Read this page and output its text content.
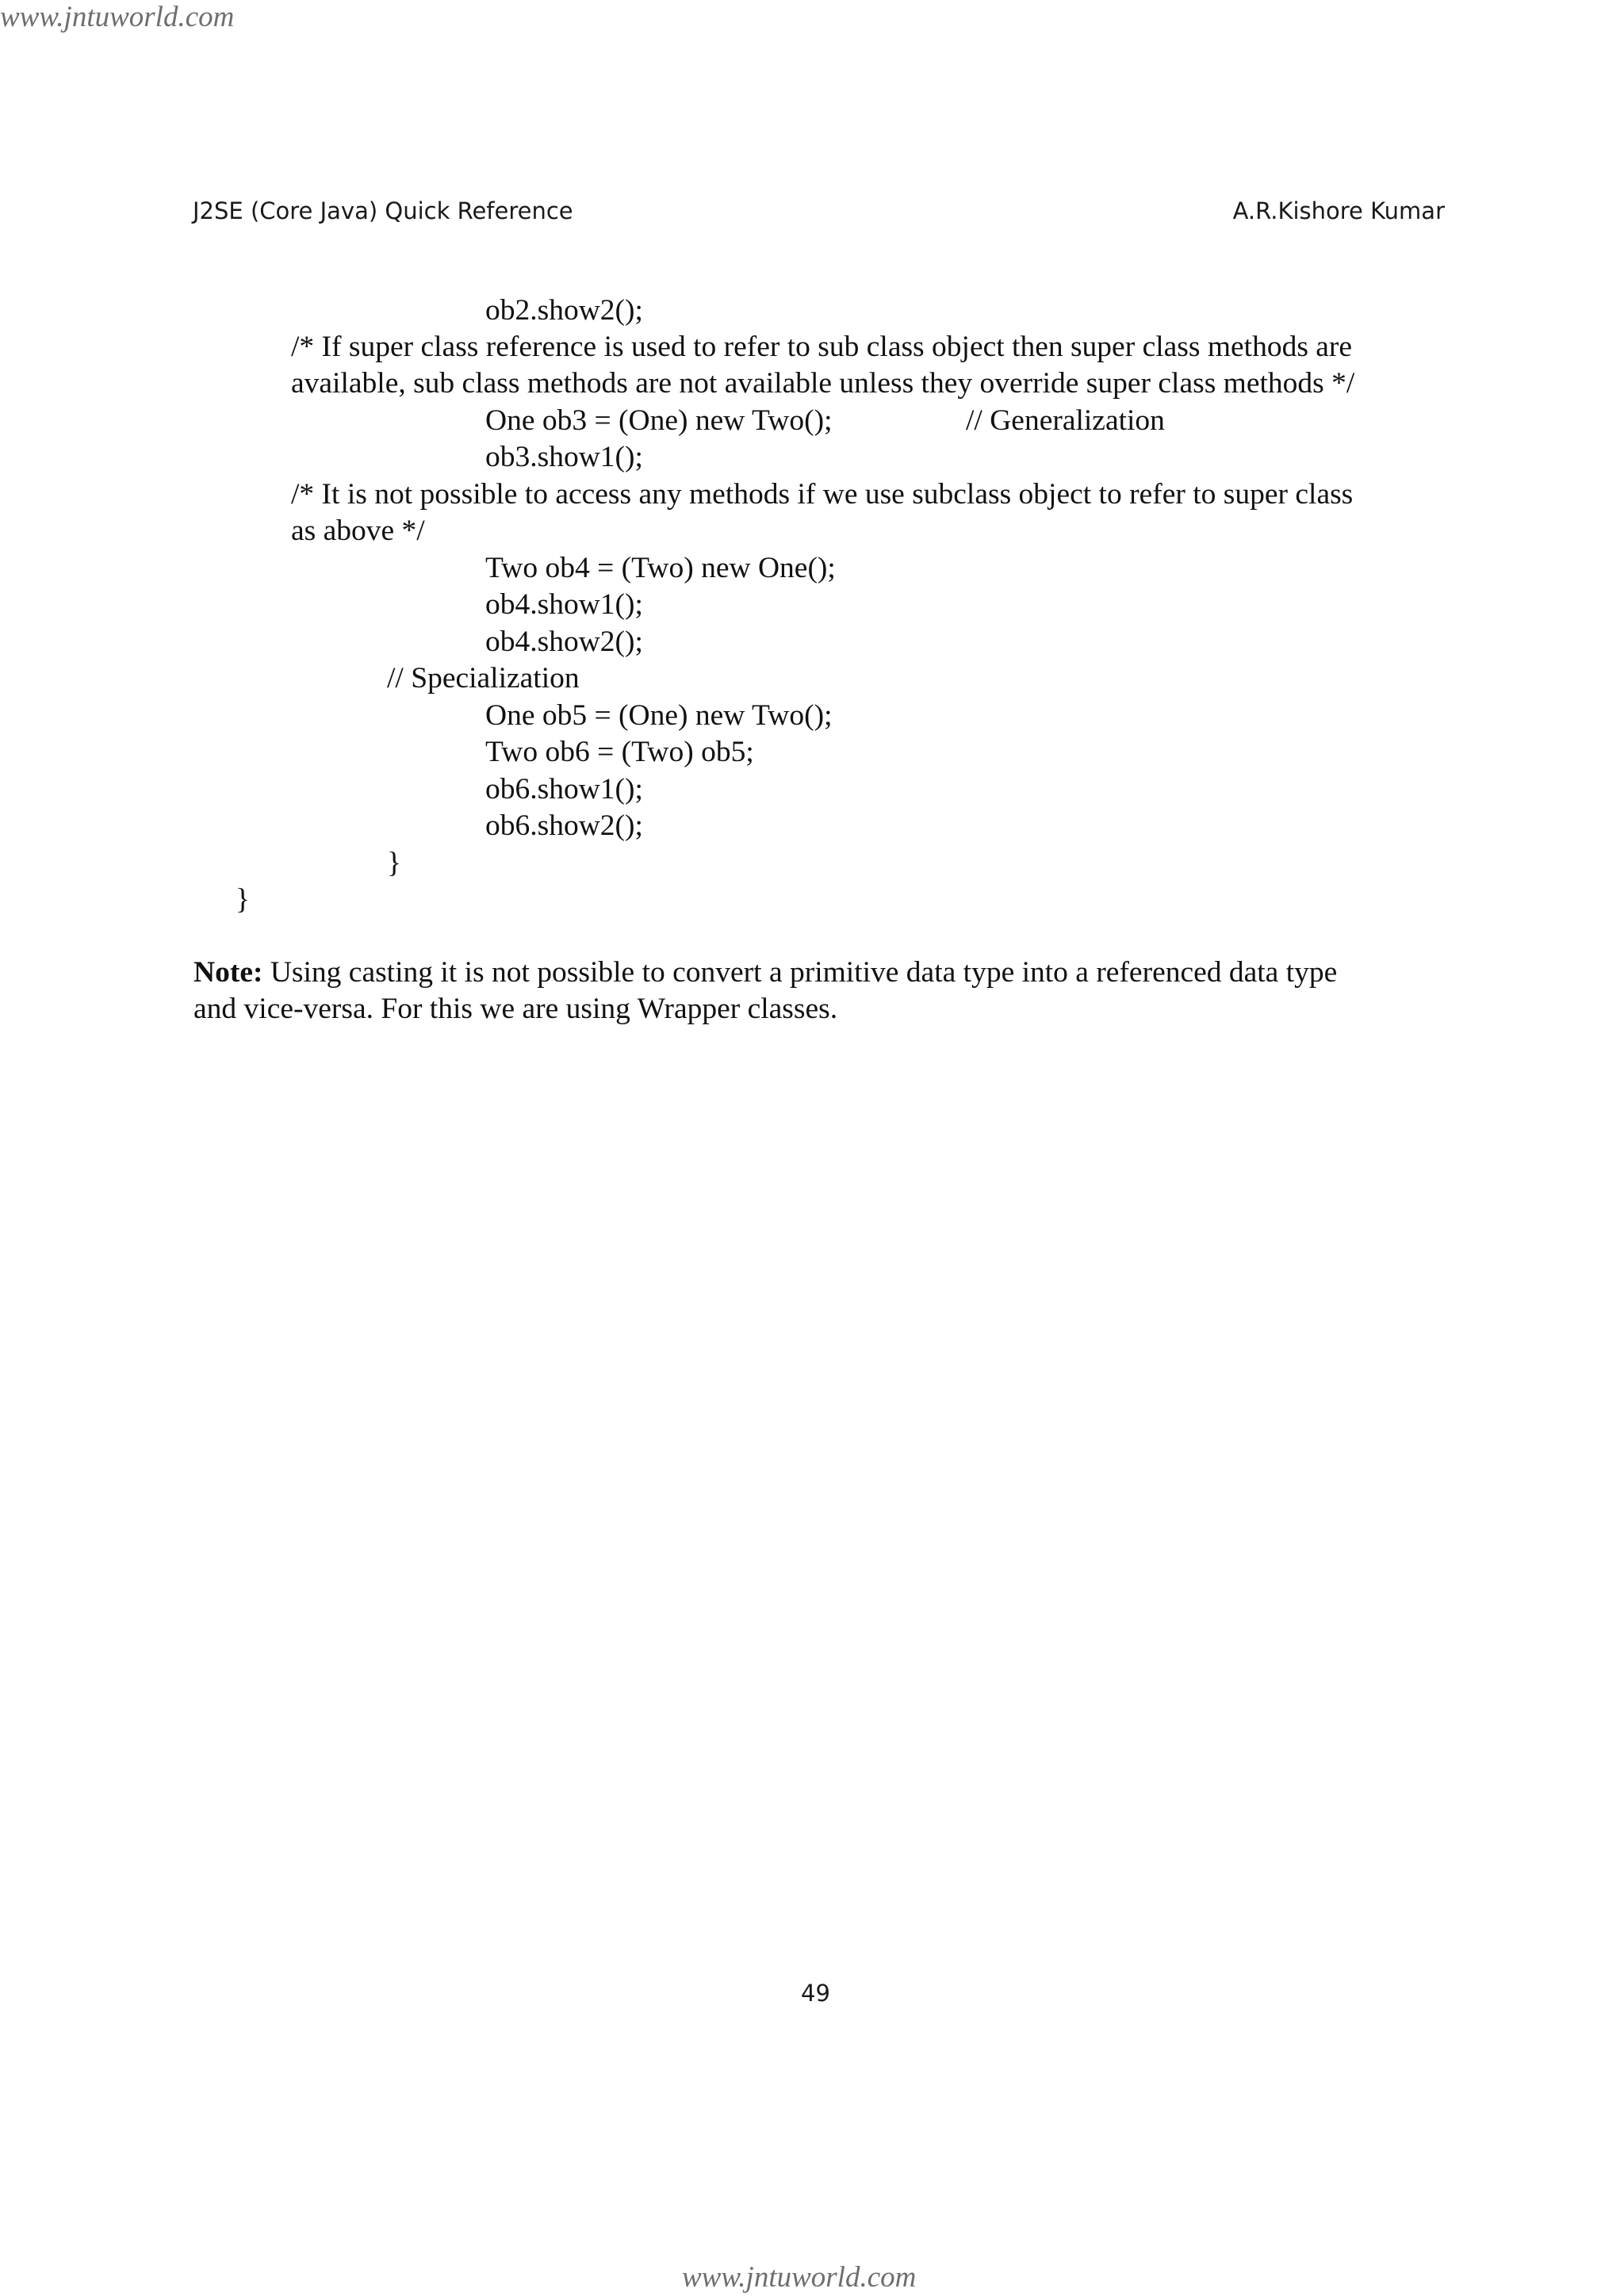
www.jntuworld.com
J2SE (Core Java) Quick Reference	A.R.Kishore Kumar
ob2.show2();
/* If super class reference is used to refer to sub class object then super class methods are
available, sub class methods are not available unless they override super class methods */
One ob3 = (One) new Two();	// Generalization
ob3.show1();
/* It is not possible to access any methods if we use subclass object to refer to super class
as above */
Two ob4 = (Two) new One();
ob4.show1();
ob4.show2();
// Specialization
One ob5 = (One) new Two();
Two ob6 = (Two) ob5;
ob6.show1();
ob6.show2();
}
}
Note: Using casting it is not possible to convert a primitive data type into a referenced data type
and vice-versa. For this we are using Wrapper classes.
49
www.jntuworld.com
